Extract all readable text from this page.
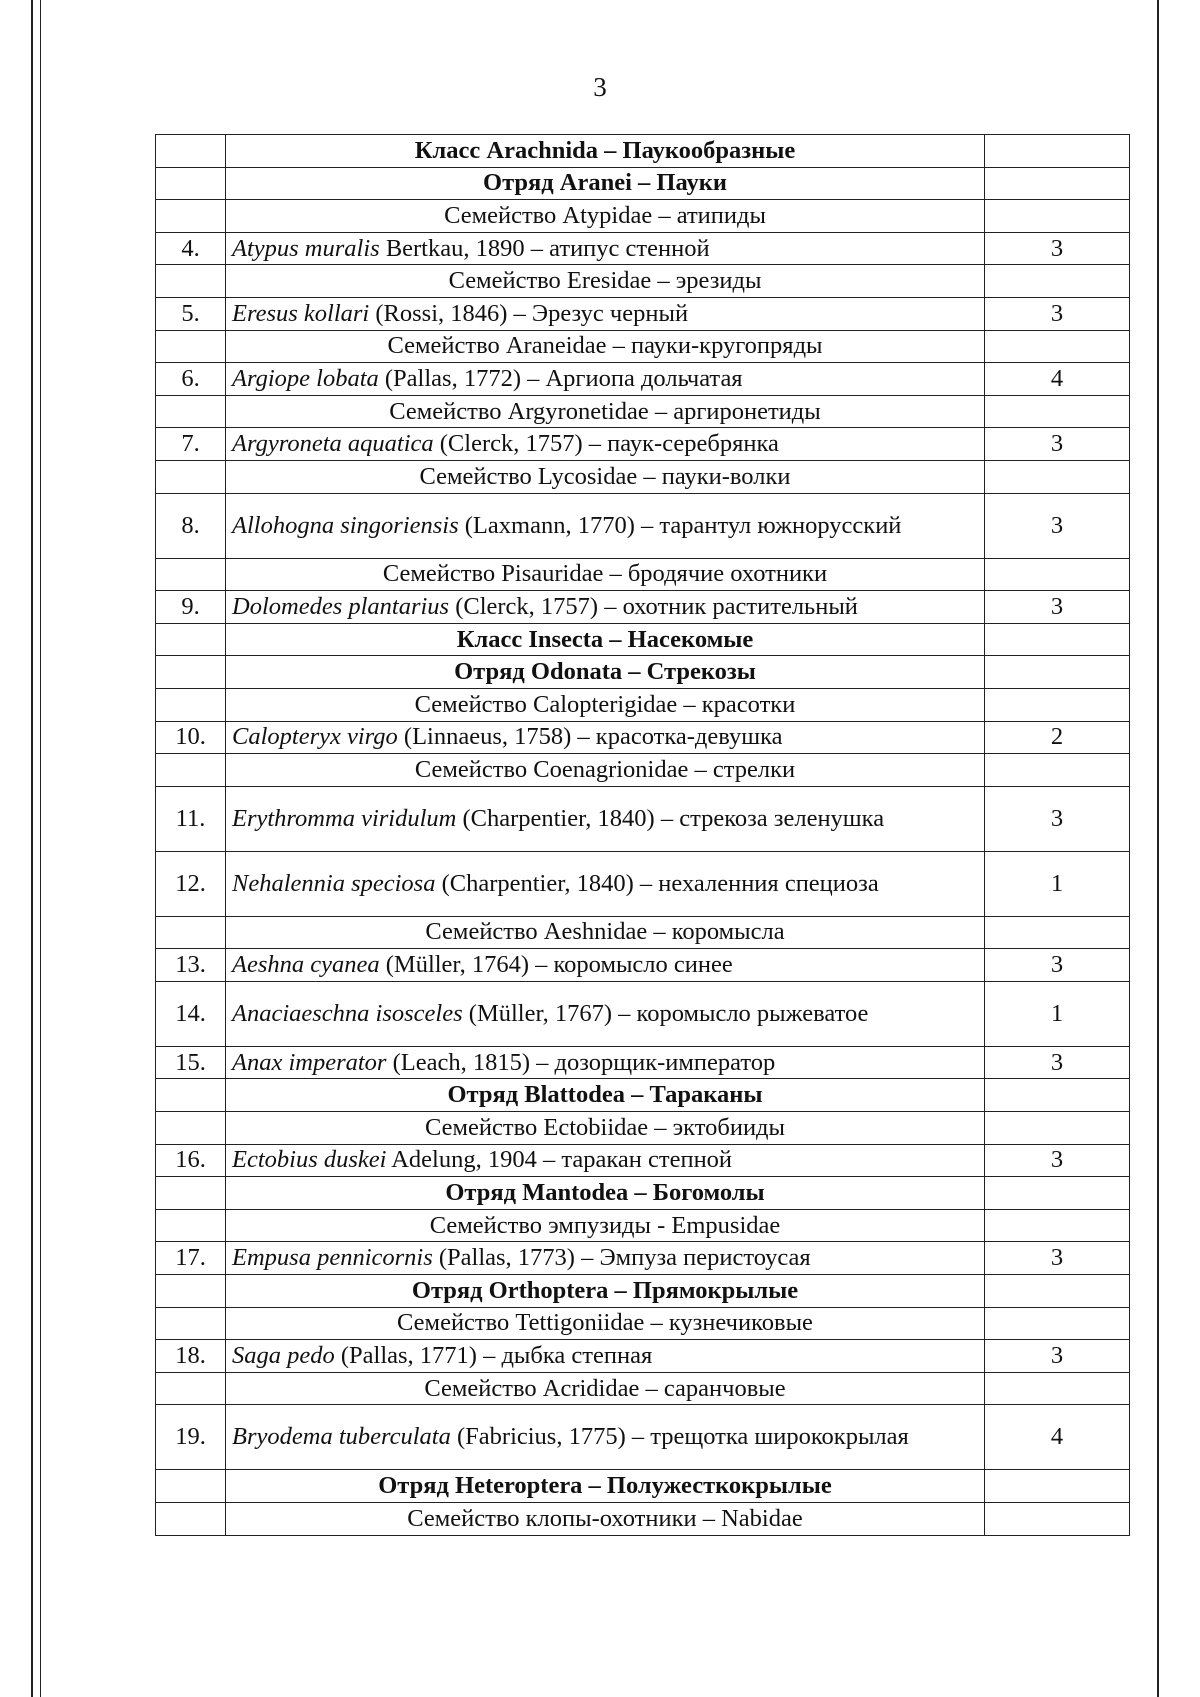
3
	Класс Arachnida – Паукообразные	
	Отряд Aranei – Пауки	
	Семейство Atypidae – атипиды	
4.	Atypus muralis Bertkau, 1890 – атипус стенной	3
	Семейство Eresidae – эрезиды	
5.	Eresus kollari (Rossi, 1846) – Эрезус черный	3
	Семейство Araneidae – пауки-кругопряды	
6.	Argiope lobata (Pallas, 1772) – Аргиопа дольчатая	4
	Семейство Argyronetidae – аргиронетиды	
7.	Argyroneta aquatica (Clerck, 1757) – паук-серебрянка	3
	Семейство Lycosidae – пауки-волки	
8.	Allohogna singoriensis (Laxmann, 1770) – тарантул южнорусский	3
	Семейство Pisauridae – бродячие охотники	
9.	Dolomedes plantarius (Clerck, 1757) – охотник растительный	3
	Класс Insecta – Насекомые	
	Отряд Odonata – Стрекозы	
	Семейство Calopterigidae – красотки	
10.	Calopteryx virgo (Linnaeus, 1758) – красотка-девушка	2
	Семейство Coenagrionidae – стрелки	
11.	Erythromma viridulum (Charpentier, 1840) – стрекоза зеленушка	3
12.	Nehalennia speciosa (Charpentier, 1840) – нехаленния специоза	1
	Семейство Aeshnidae – коромысла	
13.	Aeshna cyanea (Müller, 1764) – коромысло синее	3
14.	Anaciaeschna isosceles (Müller, 1767) – коромысло рыжеватое	1
15.	Anax imperator (Leach, 1815) – дозорщик-император	3
	Отряд Blattodea – Тараканы	
	Семейство Ectobiidae – эктобииды	
16.	Ectobius duskei Adelung, 1904 – таракан степной	3
	Отряд Mantodea – Богомолы	
	Семейство эмпузиды - Empusidae	
17.	Empusa pennicornis (Pallas, 1773) – Эмпуза перистоусая	3
	Отряд Orthoptera – Прямокрылые	
	Семейство Tettigoniidae – кузнечиковые	
18.	Saga pedo (Pallas, 1771) – дыбка степная	3
	Семейство Acrididae – саранчовые	
19.	Bryodema tuberculata (Fabricius, 1775) – трещотка ширококрылая	4
	Отряд Heteroptera – Полужесткокрылые	
	Семейство клопы-охотники – Nabidae	
